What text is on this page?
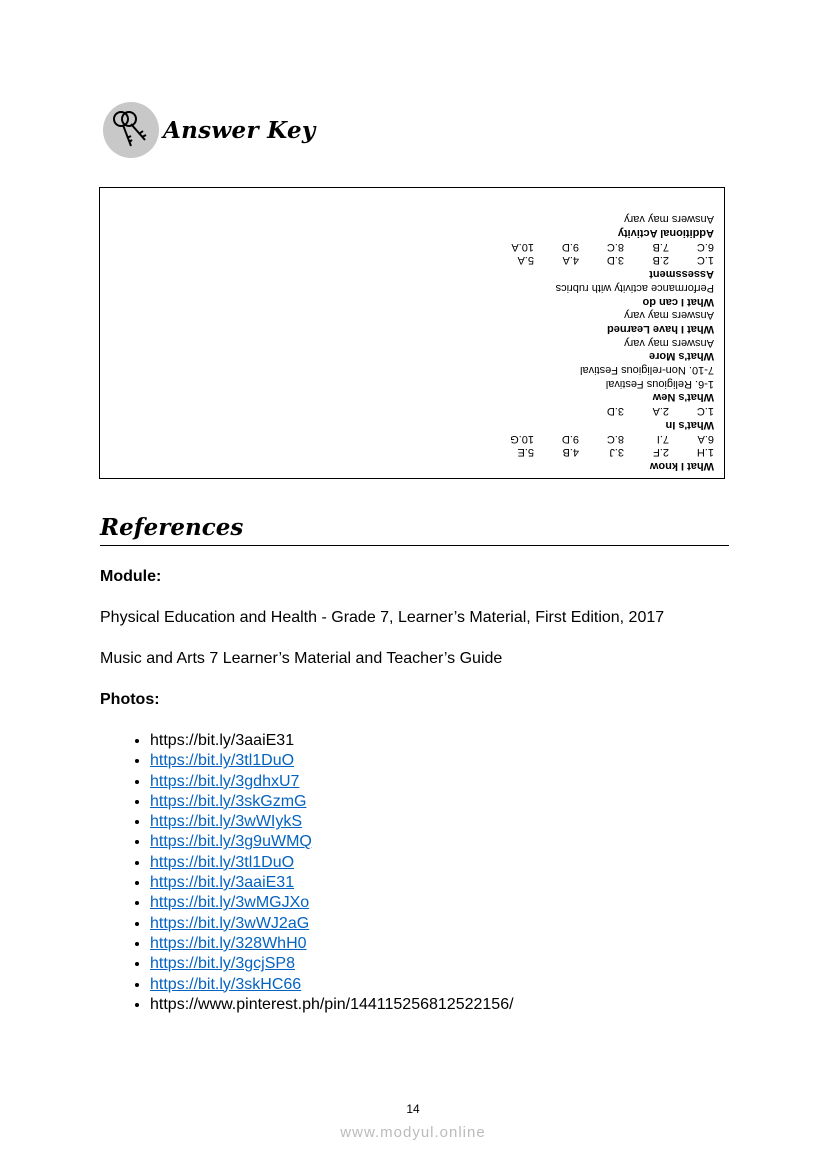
Answer Key
What I know
1.H
2.F
3.J
4.B
5.E
6.A
7.I
8.C
9.D
10.G
What's In
1.C
2.A
3.D
What's New
1-6. Religious Festival
7-10. Non-religious Festival
What's More
Answers may vary
What I have Learned
Answers may vary
What I can do
Performance activity with rubrics
Assessment
1.C
2.B
3.D
4.A
5.A
6.C
7.B
8.C
9.D
10.A
Additional Activity
Answers may vary
References
Module:
Physical Education and Health - Grade 7, Learner’s Material, First Edition, 2017
Music and Arts 7 Learner’s Material and Teacher’s Guide
Photos:
• https://bit.ly/3aaiE31
• https://bit.ly/3tl1DuO
• https://bit.ly/3gdhxU7
• https://bit.ly/3skGzmG
• https://bit.ly/3wWIykS
• https://bit.ly/3g9uWMQ
• https://bit.ly/3tl1DuO
• https://bit.ly/3aaiE31
• https://bit.ly/3wMGJXo
• https://bit.ly/3wWJ2aG
• https://bit.ly/328WhH0
• https://bit.ly/3gcjSP8
• https://bit.ly/3skHC66
• https://www.pinterest.ph/pin/144115256812522156/
14
www.modyul.online
